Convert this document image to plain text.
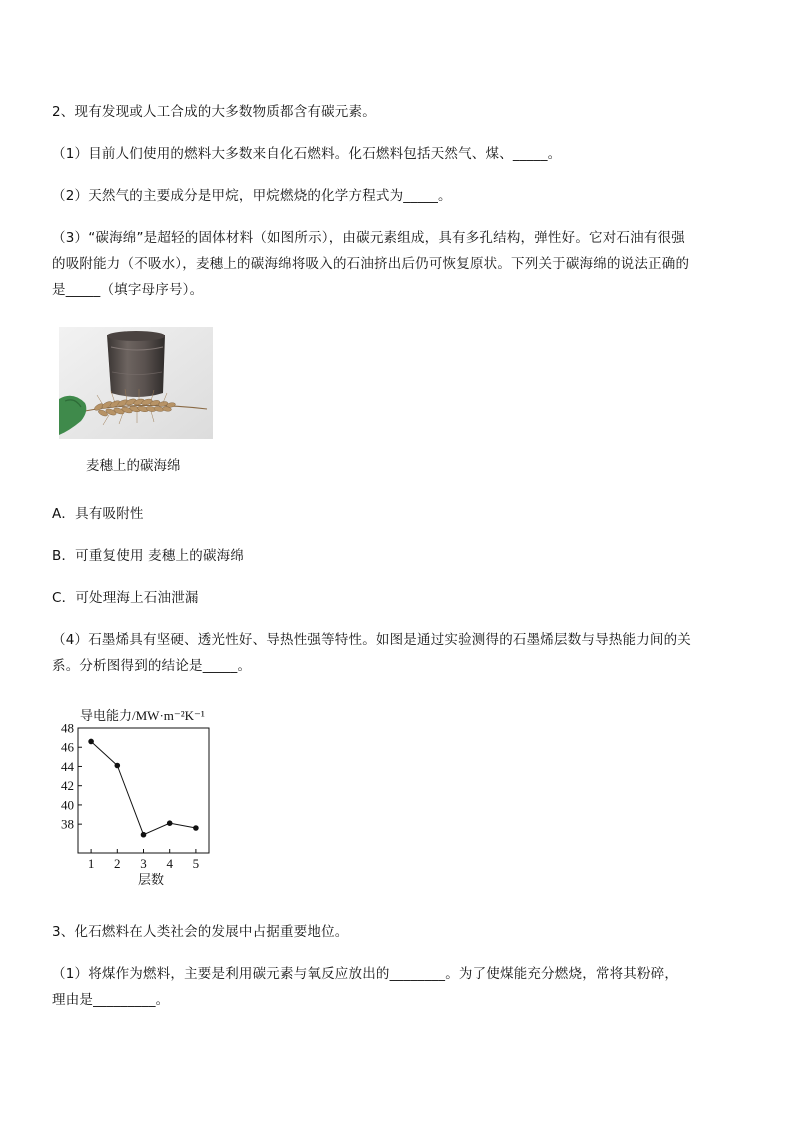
2、现有发现或人工合成的大多数物质都含有碳元素。
（1）目前人们使用的燃料大多数来自化石燃料。化石燃料包括天然气、煤、_____。
（2）天然气的主要成分是甲烷，甲烷燃烧的化学方程式为_____。
（3）“碳海绵”是超轻的固体材料（如图所示），由碳元素组成，具有多孔结构，弹性好。它对石油有很强
的吸附能力（不吸水），麦穗上的碳海绵将吸入的石油挤出后仍可恢复原状。下列关于碳海绵的说法正确的
是_____（填字母序号）。
麦穗上的碳海绵
A．具有吸附性
B．可重复使用 麦穗上的碳海绵
C．可处理海上石油泄漏
（4）石墨烯具有坚硬、透光性好、导热性强等特性。如图是通过实验测得的石墨烯层数与导热能力间的关
系。分析图得到的结论是_____。
导电能力/MW·m⁻²K⁻¹
38
40
42
44
46
48
1 2 3 4 5
层数
3、化石燃料在人类社会的发展中占据重要地位。
（1）将煤作为燃料，主要是利用碳元素与氧反应放出的________。为了使煤能充分燃烧，常将其粉碎，
理由是_________。
